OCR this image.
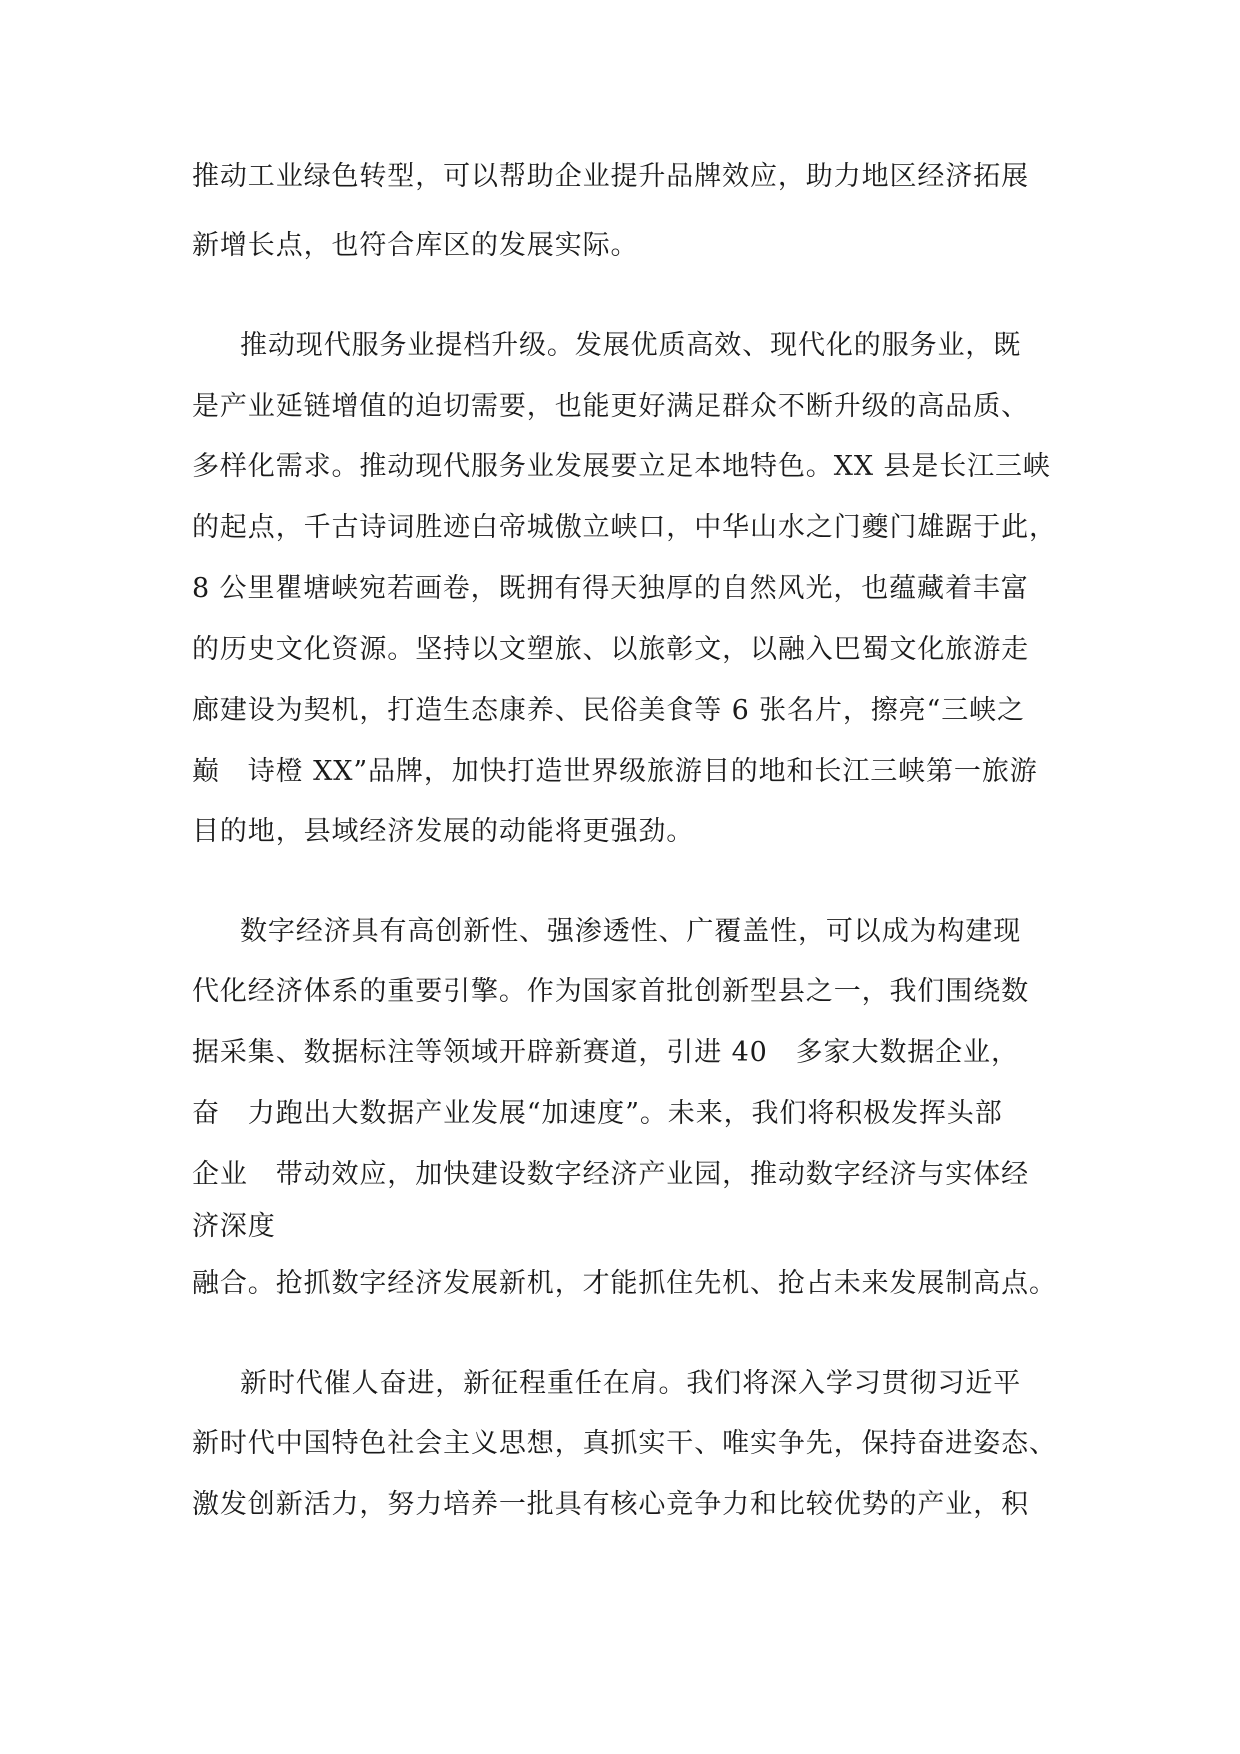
推动工业绿色转型，可以帮助企业提升品牌效应，助力地区经济拓展
新增长点，也符合库区的发展实际。
推动现代服务业提档升级。发展优质高效、现代化的服务业，既
是产业延链增值的迫切需要，也能更好满足群众不断升级的高品质、
多样化需求。推动现代服务业发展要立足本地特色。XX 县是长江三峡
的起点，千古诗词胜迹白帝城傲立峡口，中华山水之门夔门雄踞于此，
8 公里瞿塘峡宛若画卷，既拥有得天独厚的自然风光，也蕴藏着丰富
的历史文化资源。坚持以文塑旅、以旅彰文，以融入巴蜀文化旅游走
廊建设为契机，打造生态康养、民俗美食等 6 张名片，擦亮“三峡之
巅　诗橙 XX”品牌，加快打造世界级旅游目的地和长江三峡第一旅游
目的地，县域经济发展的动能将更强劲。
数字经济具有高创新性、强渗透性、广覆盖性，可以成为构建现
代化经济体系的重要引擎。作为国家首批创新型县之一，我们围绕数
据采集、数据标注等领域开辟新赛道，引进 40　多家大数据企业，
奋　力跑出大数据产业发展“加速度”。未来，我们将积极发挥头部
企业　带动效应，加快建设数字经济产业园，推动数字经济与实体经
济深度
融合。抢抓数字经济发展新机，才能抓住先机、抢占未来发展制高点。
新时代催人奋进，新征程重任在肩。我们将深入学习贯彻习近平
新时代中国特色社会主义思想，真抓实干、唯实争先，保持奋进姿态、
激发创新活力，努力培养一批具有核心竞争力和比较优势的产业，积
